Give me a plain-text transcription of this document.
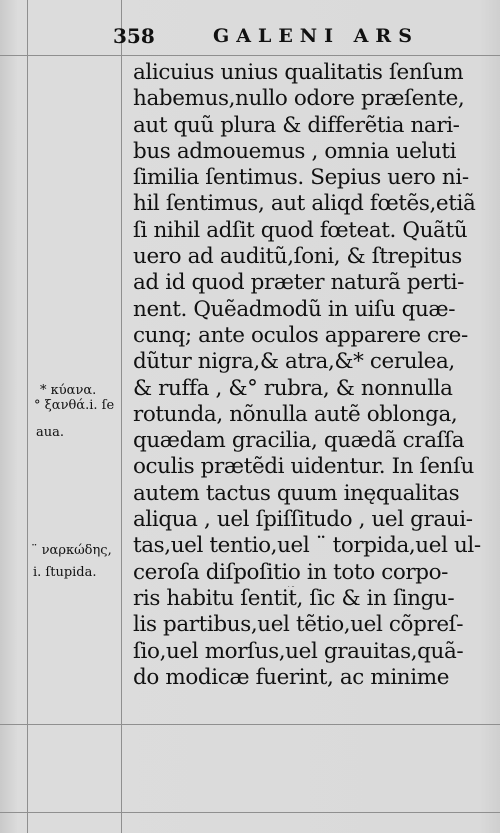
358	GALENI ARS
alicuius unius qualitatis ſenſum
habemus,nullo odore præſente,
aut quũ plura & differẽtia nari-
bus admouemus , omnia ueluti
ſimilia ſentimus. Sepius uero ni-
hil ſentimus, aut aliqd fœtẽs,etiã
ſi nihil adſit quod fœteat. Quãtũ
uero ad auditũ,ſoni, & ſtrepitus
ad id quod præter naturã perti-
nent. Quẽadmodũ in uiſu quæ-
cunq; ante oculos apparere cre-
dũtur nigra,& atra,&* cerulea,
& ruffa , &° rubra, & nonnulla
rotunda, nõnulla autẽ oblonga,
quædam gracilia, quædã craſſa
oculis prætẽdi uidentur. In ſenſu
autem tactus quum inęqualitas
aliqua , uel ſpiſſitudo , uel graui-
tas,uel tentio,uel ¨ torpida,uel ul-
ceroſa diſpoſitio in toto corpo-
ris habitu ſentit̃, ſic & in ſingu-
lis partibus,uel tẽtio,uel cõpreſ-
ſio,uel morſus,uel grauitas,quã-
do modicæ fuerint, ac minime
* κύανα.
° ξανθά.i. ſe
aua.
¨ ναρκώδης,
i. ſtupida.
